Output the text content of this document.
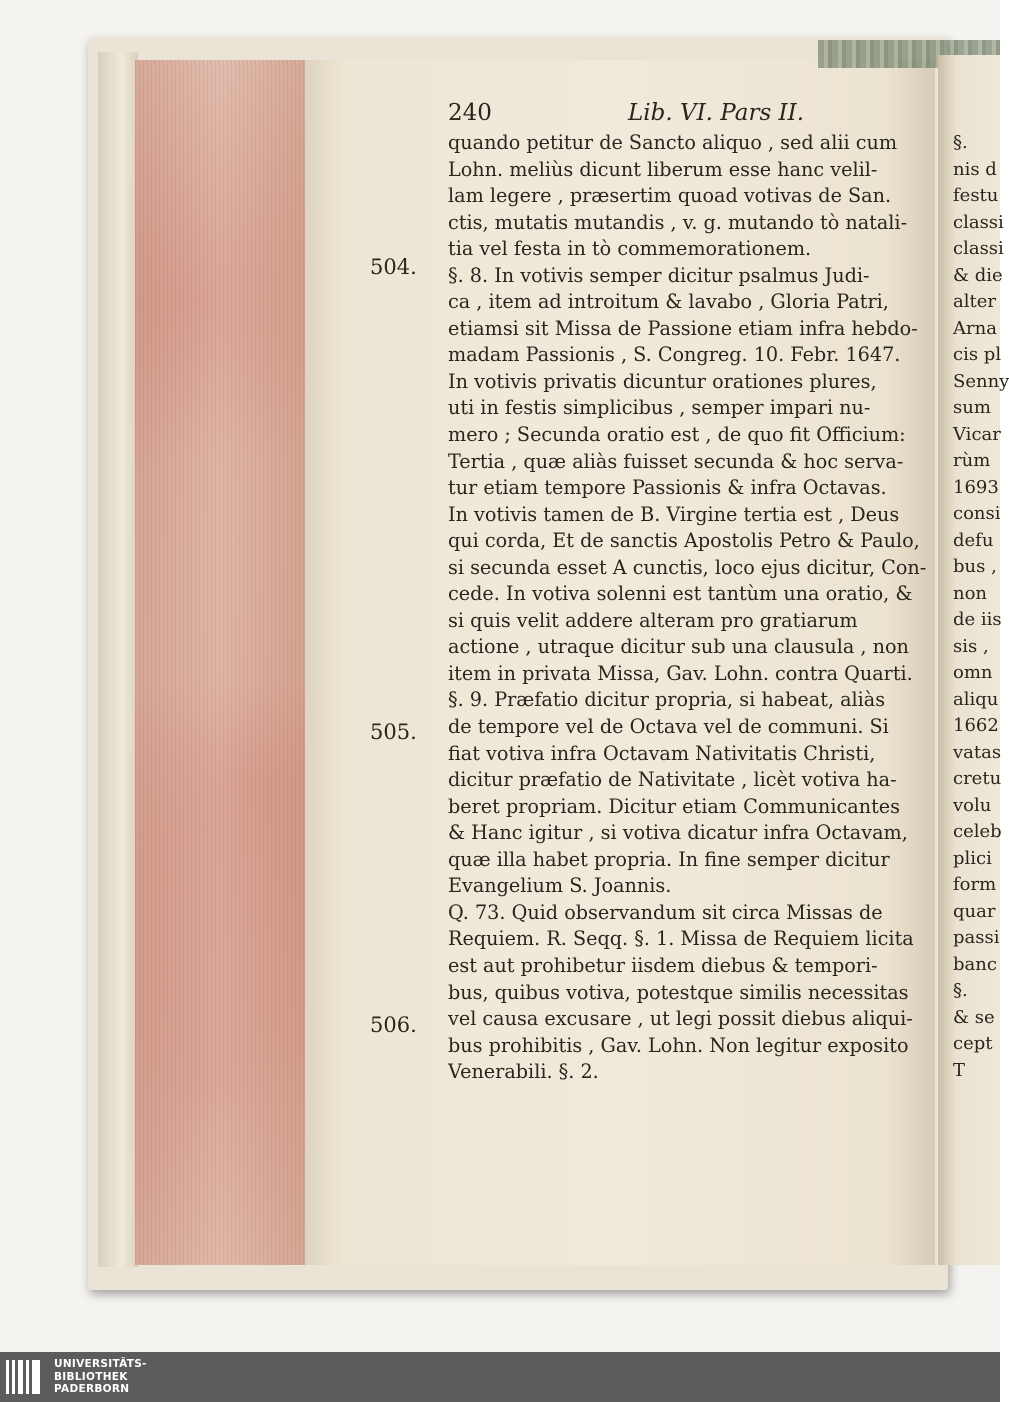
240	Lib. VI. Pars II.
504.
505.
506.
quando petitur de Sancto aliquo , sed alii cum
Lohn. meliùs dicunt liberum esse hanc velil-
lam legere , præsertim quoad votivas de San.
ctis, mutatis mutandis , v. g. mutando tò natali-
tia vel festa in tò commemorationem.
§. 8. In votivis semper dicitur psalmus Judi-
ca , item ad introitum & lavabo , Gloria Patri,
etiamsi sit Missa de Passione etiam infra hebdo-
madam Passionis , S. Congreg. 10. Febr. 1647.
In votivis privatis dicuntur orationes plures,
uti in festis simplicibus , semper impari nu-
mero ; Secunda oratio est , de quo fit Officium:
Tertia , quæ aliàs fuisset secunda & hoc serva-
tur etiam tempore Passionis & infra Octavas.
In votivis tamen de B. Virgine tertia est , Deus
qui corda, Et de sanctis Apostolis Petro & Paulo,
si secunda esset A cunctis, loco ejus dicitur, Con-
cede. In votiva solenni est tantùm una oratio, &
si quis velit addere alteram pro gratiarum
actione , utraque dicitur sub una clausula , non
item in privata Missa, Gav. Lohn. contra Quarti.
§. 9. Præfatio dicitur propria, si habeat, aliàs
de tempore vel de Octava vel de communi. Si
fiat votiva infra Octavam Nativitatis Christi,
dicitur præfatio de Nativitate , licèt votiva ha-
beret propriam. Dicitur etiam Communicantes
& Hanc igitur , si votiva dicatur infra Octavam,
quæ illa habet propria. In fine semper dicitur
Evangelium S. Joannis.
Q. 73. Quid observandum sit circa Missas de
Requiem. R. Seqq. §. 1. Missa de Requiem licita
est aut prohibetur iisdem diebus & tempori-
bus, quibus votiva, potestque similis necessitas
vel causa excusare , ut legi possit diebus aliqui-
bus prohibitis , Gav. Lohn. Non legitur exposito
Venerabili. §. 2.
§.
nis d
festu
classi
classi
& die
alter
Arna
cis pl
Senny
sum
Vicar
rùm
1693
consi
defu
bus ,
non
de iis
sis ,
omn
aliqu
1662
vatas
cretu
volu
celeb
plici
form
quar
passi
banc
§.
& se
cept
T
UNIVERSITÄTS-
BIBLIOTHEK
PADERBORN
